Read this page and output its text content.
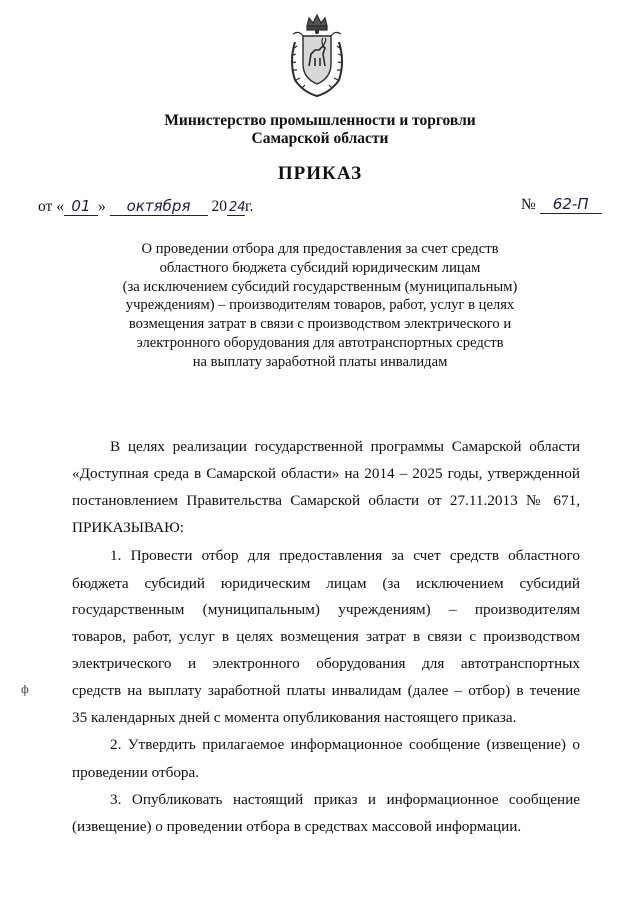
Министерство промышленности и торговли
Самарской области
ПРИКАЗ
от « 01 » октября 20 24г.	№ 62-П
О проведении отбора для предоставления за счет средств
областного бюджета субсидий юридическим лицам
(за исключением субсидий государственным (муниципальным)
учреждениям) – производителям товаров, работ, услуг в целях
возмещения затрат в связи с производством электрического и
электронного оборудования для автотранспортных средств
на выплату заработной платы инвалидам
В целях реализации государственной программы Самарской области
«Доступная среда в Самарской области» на 2014 – 2025 годы, утвержденной
постановлением Правительства Самарской области от 27.11.2013 № 671,
ПРИКАЗЫВАЮ:
1. Провести отбор для предоставления за счет средств областного
бюджета субсидий юридическим лицам (за исключением субсидий
государственным (муниципальным) учреждениям) – производителям
товаров, работ, услуг в целях возмещения затрат в связи с производством
электрического и электронного оборудования для автотранспортных
средств на выплату заработной платы инвалидам (далее – отбор) в течение
35 календарных дней с момента опубликования настоящего приказа.
2. Утвердить прилагаемое информационное сообщение (извещение) о
проведении отбора.
3. Опубликовать настоящий приказ и информационное сообщение
(извещение) о проведении отбора в средствах массовой информации.
ф
